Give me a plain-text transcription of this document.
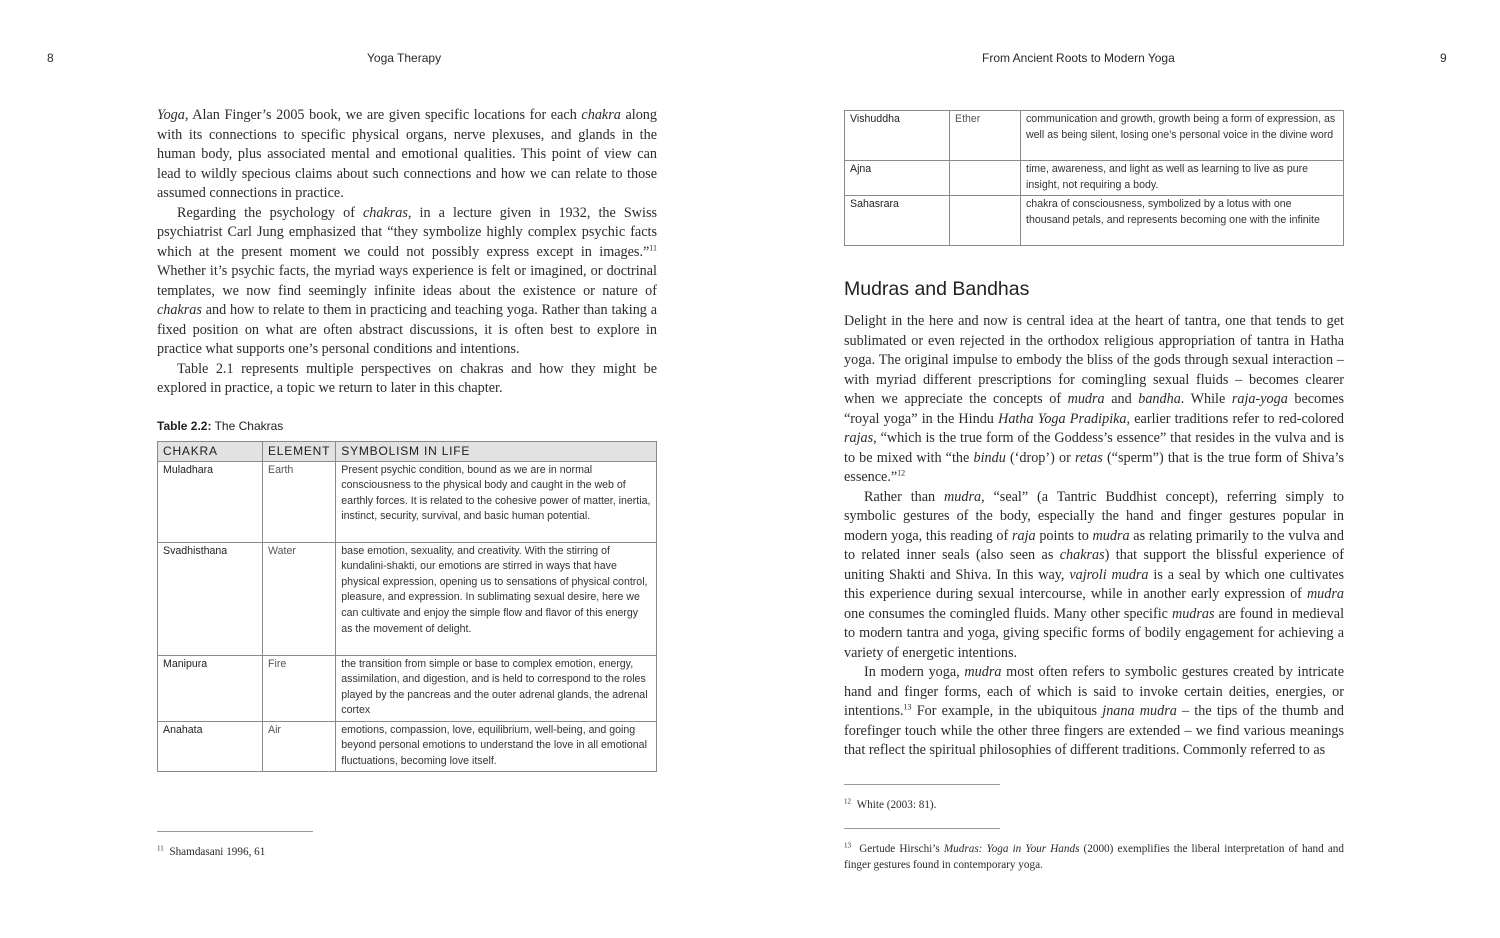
8	Yoga Therapy

Yoga, Alan Finger’s 2005 book, we are given specific locations for each chakra along with its connections to specific physical organs, nerve plexuses, and glands in the human body, plus associated mental and emotional qualities. This point of view can lead to wildly specious claims about such connections and how we can relate to those assumed connections in practice.

Regarding the psychology of chakras, in a lecture given in 1932, the Swiss psychiatrist Carl Jung emphasized that “they symbolize highly complex psychic facts which at the present moment we could not possibly express except in images.”$^{11}$ Whether it’s psychic facts, the myriad ways experience is felt or imagined, or doctrinal templates, we now find seemingly infinite ideas about the existence or nature of chakras and how to relate to them in practicing and teaching yoga. Rather than taking a fixed position on what are often abstract discussions, it is often best to explore in practice what supports one’s personal conditions and intentions.

Table 2.1 represents multiple perspectives on chakras and how they might be explored in practice, a topic we return to later in this chapter.

Table 2.2: The Chakras
CHAKRA	ELEMENT	SYMBOLISM IN LIFE
Muladhara	Earth	Present psychic condition, bound as we are in normal consciousness to the physical body and caught in the web of earthly forces. It is related to the cohesive power of matter, inertia, instinct, security, survival, and basic human potential.
Svadhisthana	Water	base emotion, sexuality, and creativity. With the stirring of kundalini-shakti, our emotions are stirred in ways that have physical expression, opening us to sensations of physical control, pleasure, and expression. In sublimating sexual desire, here we can cultivate and enjoy the simple flow and flavor of this energy as the movement of delight.
Manipura	Fire	the transition from simple or base to complex emotion, energy, assimilation, and digestion, and is held to correspond to the roles played by the pancreas and the outer adrenal glands, the adrenal cortex
Anahata	Air	emotions, compassion, love, equilibrium, well-being, and going beyond personal emotions to understand the love in all emotional fluctuations, becoming love itself.
$^{11}$ Shamdasani 1996, 61
From Ancient Roots to Modern Yoga	9
Vishuddha	Ether	communication and growth, growth being a form of expression, as well as being silent, losing one’s personal voice in the divine word
Ajna		time, awareness, and light as well as learning to live as pure insight, not requiring a body.
Sahasrara		chakra of consciousness, symbolized by a lotus with one thousand petals, and represents becoming one with the infinite
Mudras and Bandhas

Delight in the here and now is central idea at the heart of tantra, one that tends to get sublimated or even rejected in the orthodox religious appropriation of tantra in Hatha yoga. The original impulse to embody the bliss of the gods through sexual interaction – with myriad different prescriptions for comingling sexual fluids – becomes clearer when we appreciate the concepts of mudra and bandha. While raja-yoga becomes “royal yoga” in the Hindu Hatha Yoga Pradipika, earlier traditions refer to red-colored rajas, “which is the true form of the Goddess’s essence” that resides in the vulva and is to be mixed with “the bindu (‘drop’) or retas (“sperm”) that is the true form of Shiva’s essence.”$^{12}$

Rather than mudra, “seal” (a Tantric Buddhist concept), referring simply to symbolic gestures of the body, especially the hand and finger gestures popular in modern yoga, this reading of raja points to mudra as relating primarily to the vulva and to related inner seals (also seen as chakras) that support the blissful experience of uniting Shakti and Shiva. In this way, vajroli mudra is a seal by which one cultivates this experience during sexual intercourse, while in another early expression of mudra one consumes the comingled fluids. Many other specific mudras are found in medieval to modern tantra and yoga, giving specific forms of bodily engagement for achieving a variety of energetic intentions.

In modern yoga, mudra most often refers to symbolic gestures created by intricate hand and finger forms, each of which is said to invoke certain deities, energies, or intentions.$^{13}$ For example, in the ubiquitous jnana mudra – the tips of the thumb and forefinger touch while the other three fingers are extended – we find various meanings that reflect the spiritual philosophies of different traditions. Commonly referred to as

$^{12}$ White (2003: 81).
$^{13}$ Gertude Hirschi’s Mudras: Yoga in Your Hands (2000) exemplifies the liberal interpretation of hand and finger gestures found in contemporary yoga.
